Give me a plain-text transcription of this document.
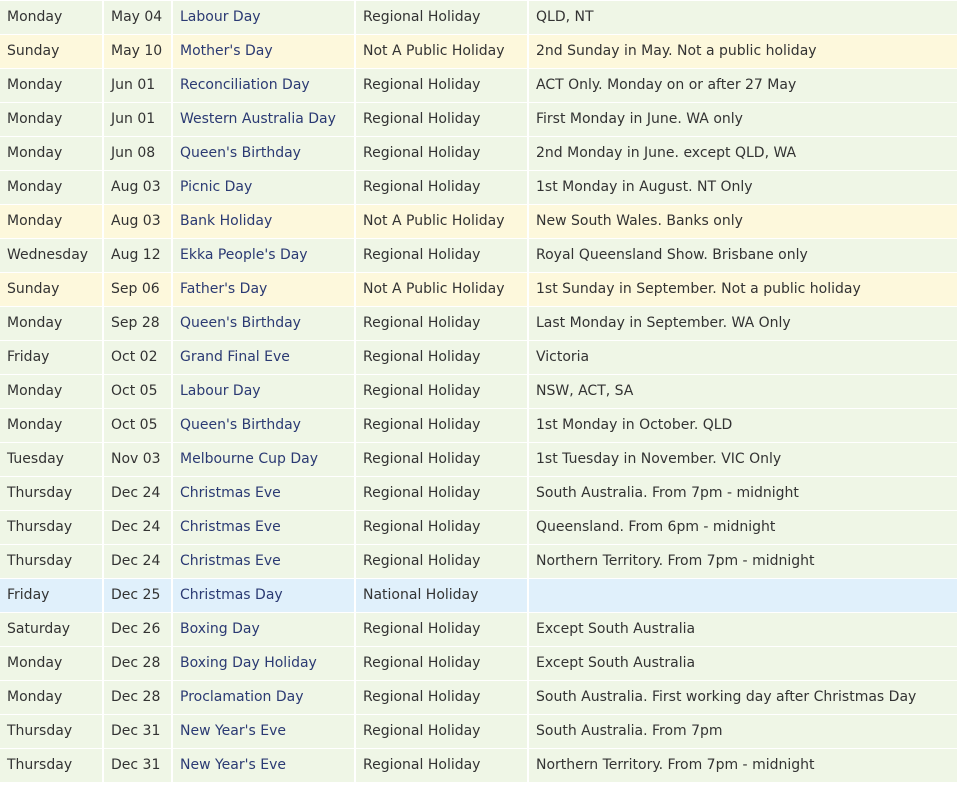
Monday	May 04	Labour Day	Regional Holiday	QLD, NT
Sunday	May 10	Mother's Day	Not A Public Holiday	2nd Sunday in May. Not a public holiday
Monday	Jun 01	Reconciliation Day	Regional Holiday	ACT Only. Monday on or after 27 May
Monday	Jun 01	Western Australia Day	Regional Holiday	First Monday in June. WA only
Monday	Jun 08	Queen's Birthday	Regional Holiday	2nd Monday in June. except QLD, WA
Monday	Aug 03	Picnic Day	Regional Holiday	1st Monday in August. NT Only
Monday	Aug 03	Bank Holiday	Not A Public Holiday	New South Wales. Banks only
Wednesday	Aug 12	Ekka People's Day	Regional Holiday	Royal Queensland Show. Brisbane only
Sunday	Sep 06	Father's Day	Not A Public Holiday	1st Sunday in September. Not a public holiday
Monday	Sep 28	Queen's Birthday	Regional Holiday	Last Monday in September. WA Only
Friday	Oct 02	Grand Final Eve	Regional Holiday	Victoria
Monday	Oct 05	Labour Day	Regional Holiday	NSW, ACT, SA
Monday	Oct 05	Queen's Birthday	Regional Holiday	1st Monday in October. QLD
Tuesday	Nov 03	Melbourne Cup Day	Regional Holiday	1st Tuesday in November. VIC Only
Thursday	Dec 24	Christmas Eve	Regional Holiday	South Australia. From 7pm - midnight
Thursday	Dec 24	Christmas Eve	Regional Holiday	Queensland. From 6pm - midnight
Thursday	Dec 24	Christmas Eve	Regional Holiday	Northern Territory. From 7pm - midnight
Friday	Dec 25	Christmas Day	National Holiday	
Saturday	Dec 26	Boxing Day	Regional Holiday	Except South Australia
Monday	Dec 28	Boxing Day Holiday	Regional Holiday	Except South Australia
Monday	Dec 28	Proclamation Day	Regional Holiday	South Australia. First working day after Christmas Day
Thursday	Dec 31	New Year's Eve	Regional Holiday	South Australia. From 7pm
Thursday	Dec 31	New Year's Eve	Regional Holiday	Northern Territory. From 7pm - midnight
